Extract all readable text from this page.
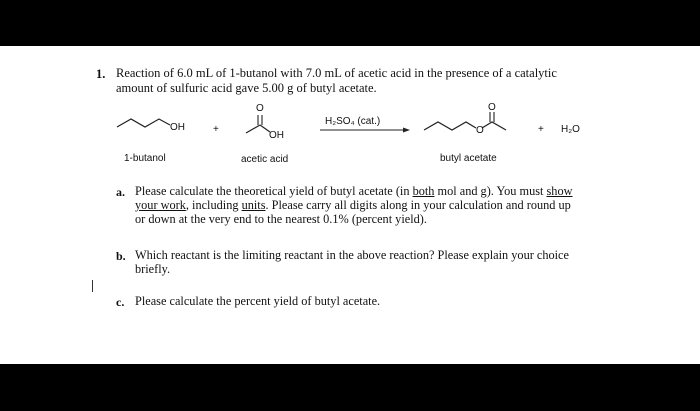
1. Reaction of 6.0 mL of 1-butanol with 7.0 mL of acetic acid in the presence of a catalytic
amount of sulfuric acid gave 5.00 g of butyl acetate.
OH	+
O
OH
H₂SO₄ (cat.)
O
O
+ H₂O
1-butanol	acetic acid	butyl acetate
a. Please calculate the theoretical yield of butyl acetate (in both mol and g). You must show
your work, including units. Please carry all digits along in your calculation and round up
or down at the very end to the nearest 0.1% (percent yield).
b. Which reactant is the limiting reactant in the above reaction? Please explain your choice
briefly.
c. Please calculate the percent yield of butyl acetate.
